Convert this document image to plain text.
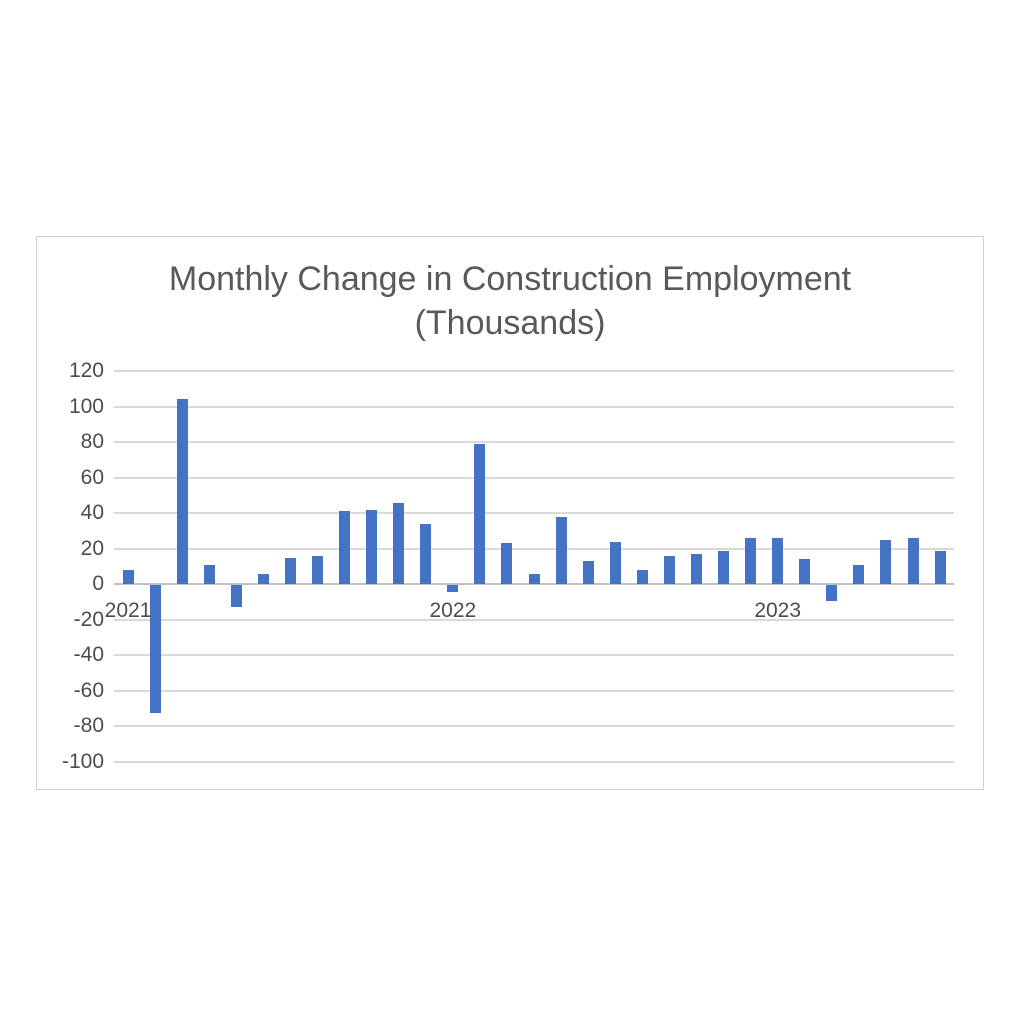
Monthly Change in Construction Employment
(Thousands)
120
100
80
60
40
20
0
-20
-40
-60
-80
-100
2021	2022	2023
